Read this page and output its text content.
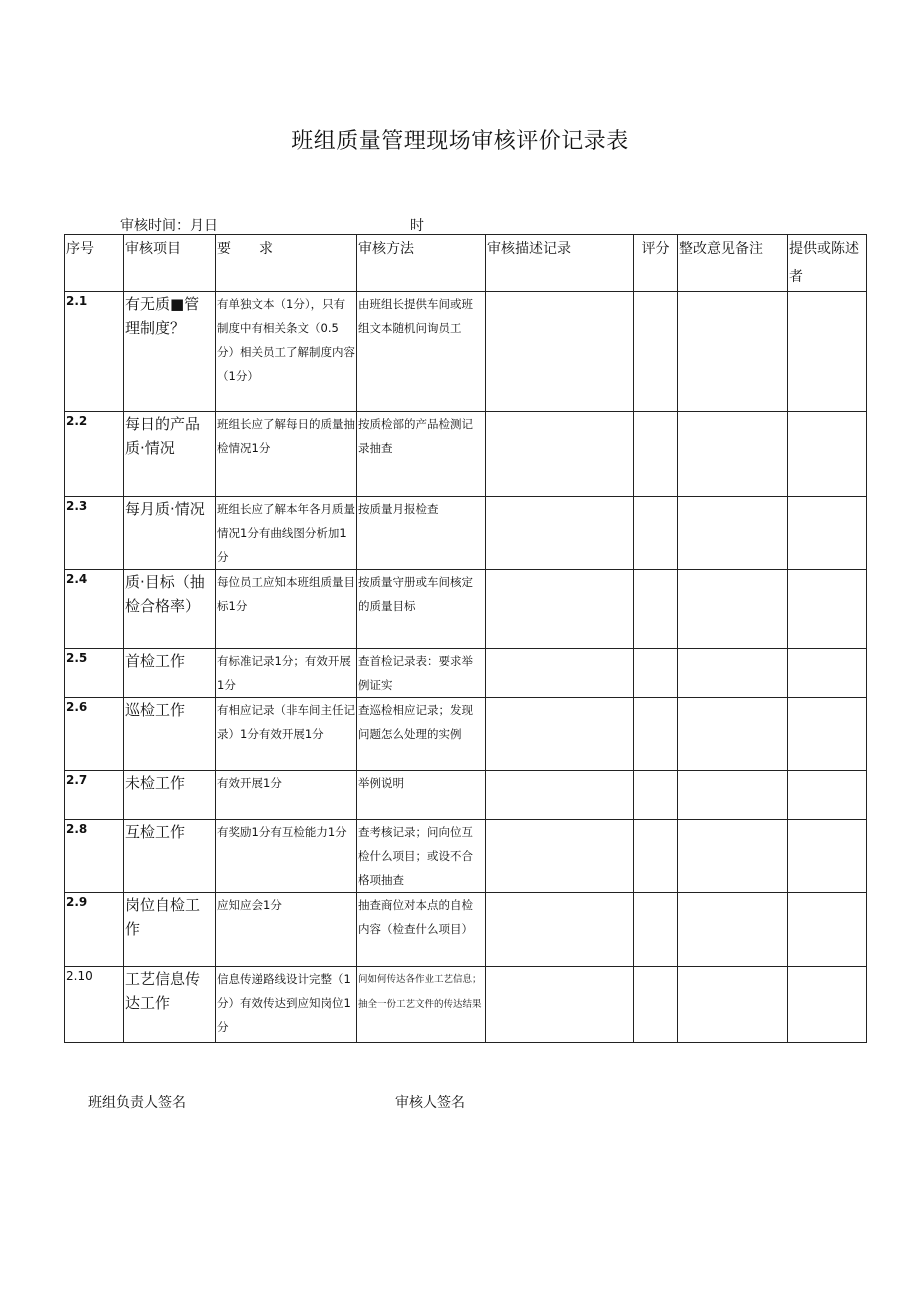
班组质量管理现场审核评价记录表
审核时间：月日	时
序号	审核项目	要　　求	审核方法	审核描述记录	评分	整改意见备注	提供或陈述者
2.1	有无质■管理制度？	有单独文本（1分），只有制度中有相关条文（0.5分）相关员工了解制度内容（1分）	由班组长提供车间或班组文本随机问询员工				
2.2	每日的产品质·情况	班组长应了解每日的质量抽检情况1分	按质检部的产品检测记录抽查				
2.3	每月质·情况	班组长应了解本年各月质量情况1分有曲线图分析加1分	按质量月报检查				
2.4	质·目标（抽检合格率）	每位员工应知本班组质量目标1分	按质量守册或车间核定的质量目标				
2.5	首检工作	有标准记录1分；有效开展1分	查首检记录表：要求举例证实				
2.6	巡检工作	有相应记录（非车间主任记录）1分有效开展1分	查巡检相应记录；发现问题怎么处理的实例				
2.7	未检工作	有效开展1分	举例说明				
2.8	互检工作	有奖励1分有互检能力1分	查考核记录；问向位互检什么项目；或设不合格项抽查				
2.9	岗位自检工作	应知应会1分	抽查商位对本点的自检内容（检查什么项目）				
2.10	工艺信息传达工作	信息传递路线设计完整（1分）有效传达到应知岗位1分	问如何传达各作业工艺信息；抽全一份工艺文件的传达结果				
班组负责人签名	审核人签名
